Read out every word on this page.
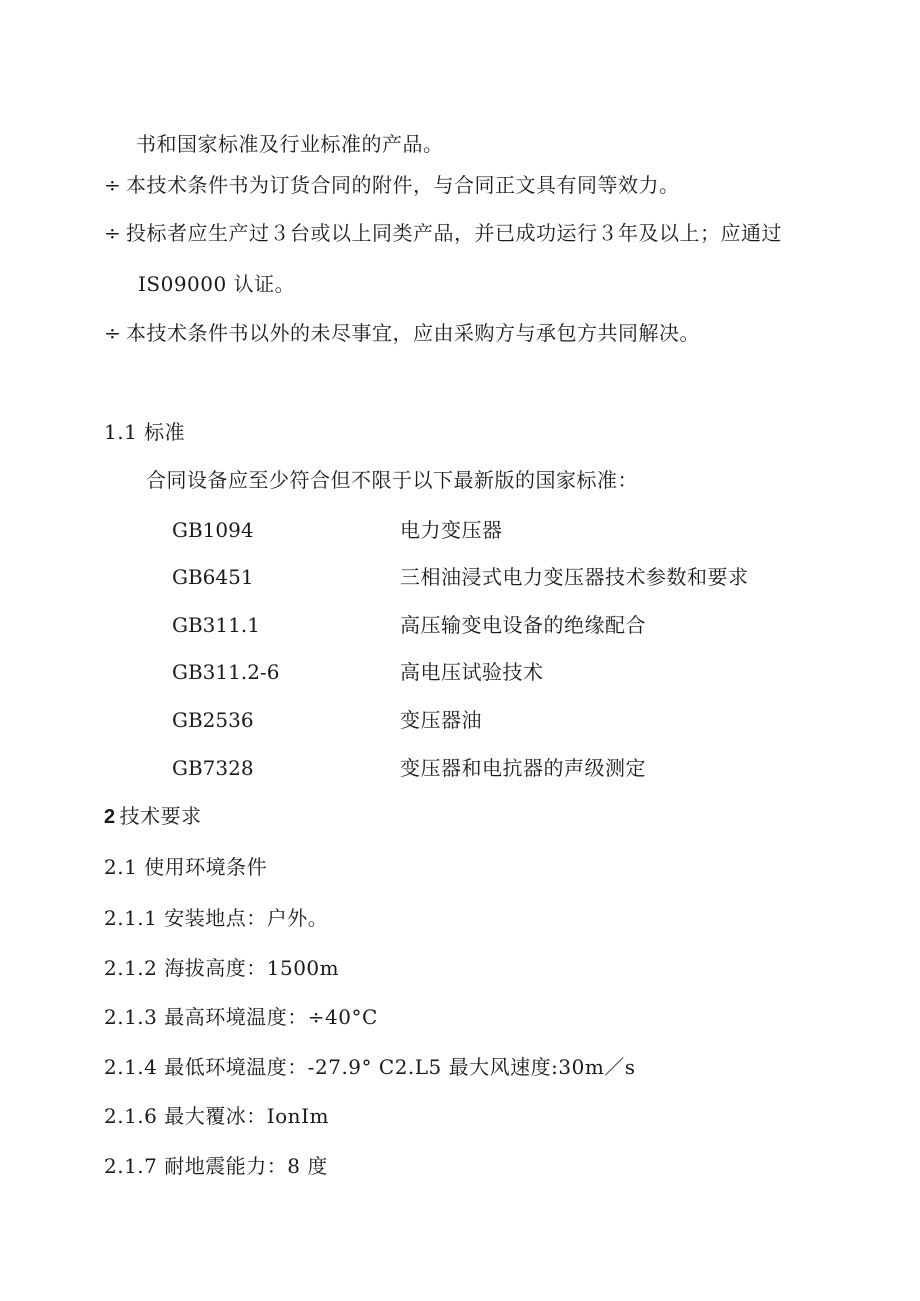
书和国家标准及行业标准的产品。
÷ 本技术条件书为订货合同的附件，与合同正文具有同等效力。
÷ 投标者应生产过３台或以上同类产品，并已成功运行３年及以上；应通过
IS09000 认证。
÷ 本技术条件书以外的未尽事宜，应由采购方与承包方共同解决。
1.1 标准
合同设备应至少符合但不限于以下最新版的国家标准：
GB1094	电力变压器
GB6451	三相油浸式电力变压器技术参数和要求
GB311.1	高压输变电设备的绝缘配合
GB311.2-6	高电压试验技术
GB2536	变压器油
GB7328	变压器和电抗器的声级测定
2 技术要求
2.1 使用环境条件
2.1.1 安装地点：户外。
2.1.2 海拔高度：1500m
2.1.3 最高环境温度：÷40°C
2.1.4 最低环境温度：-27.9° C2.L5 最大风速度:30m／s
2.1.6 最大覆冰：IonIm
2.1.7 耐地震能力：8 度
